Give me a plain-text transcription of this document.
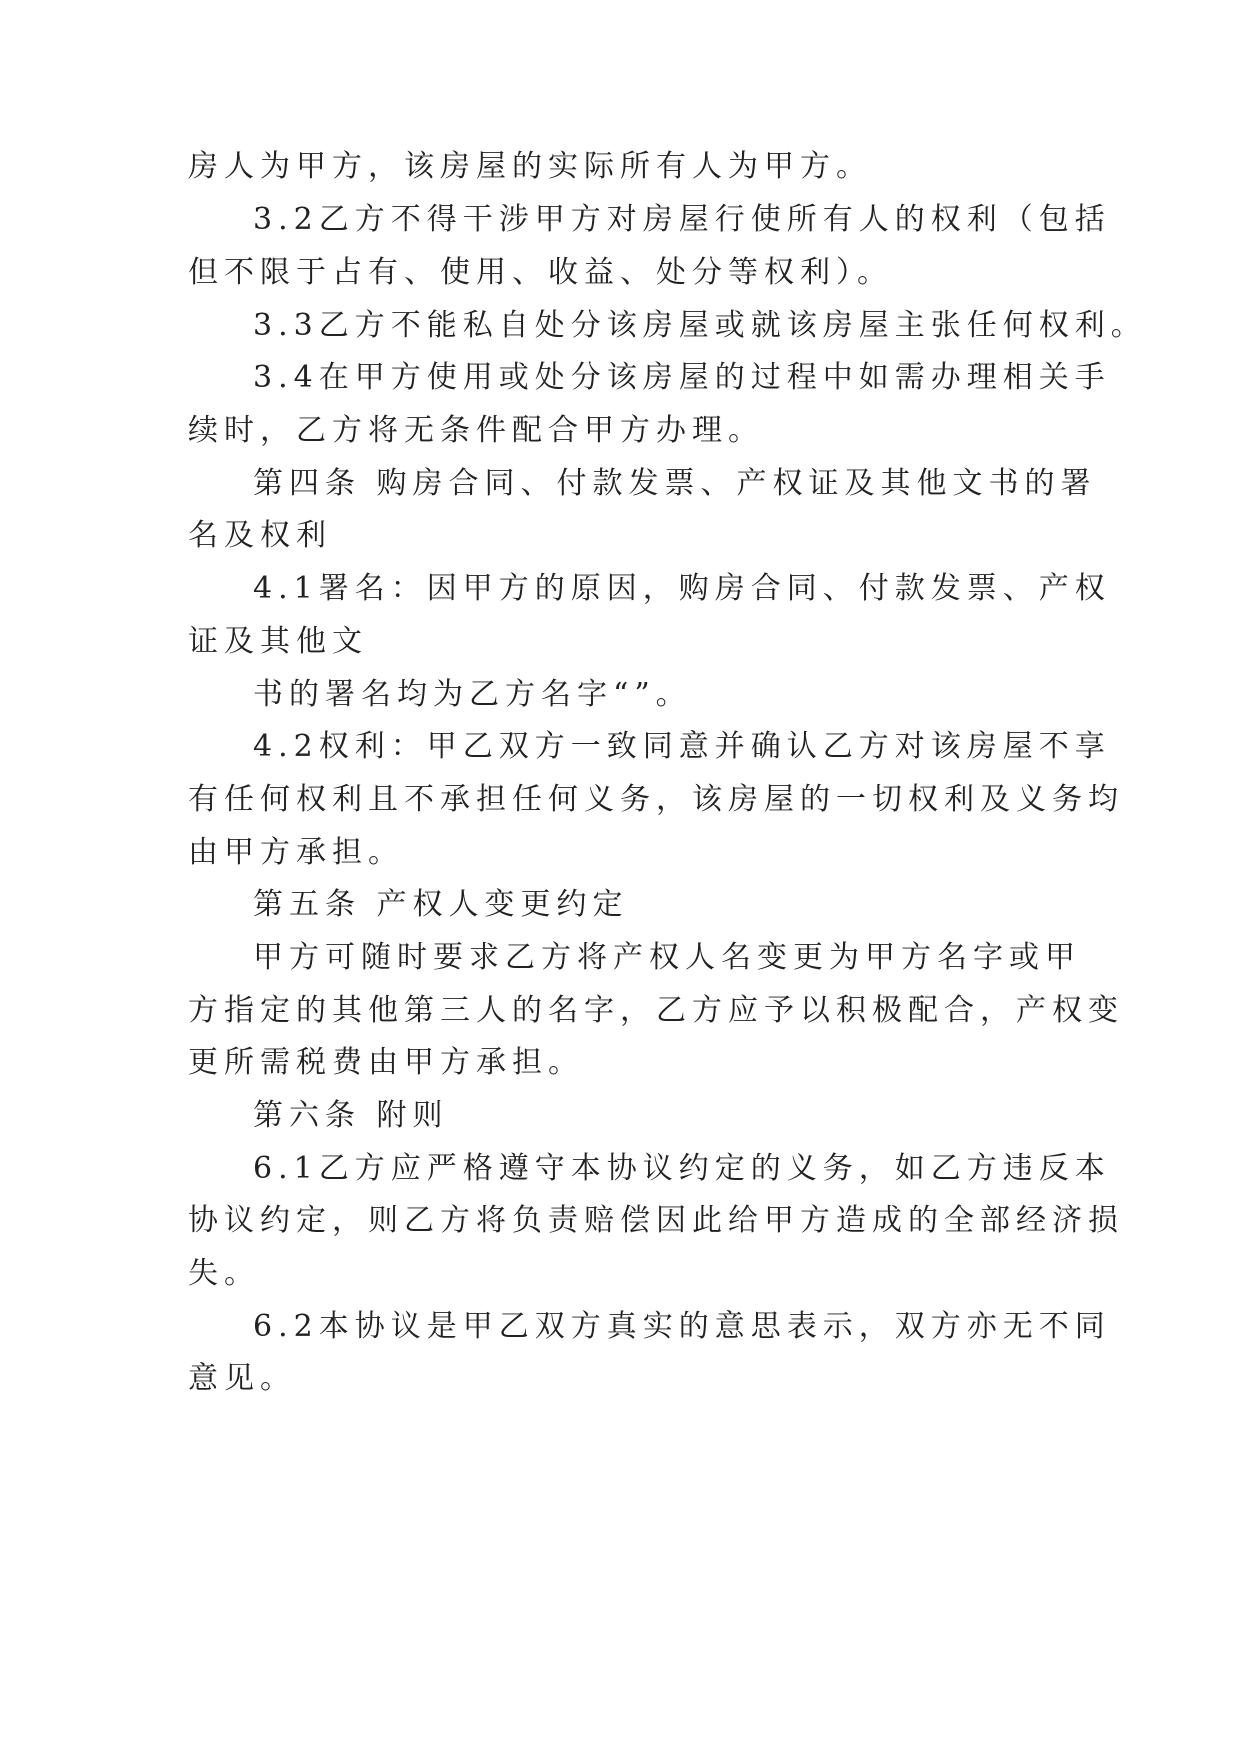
房人为甲方，该房屋的实际所有人为甲方。
3.2乙方不得干涉甲方对房屋行使所有人的权利（包括
但不限于占有、使用、收益、处分等权利）。
3.3乙方不能私自处分该房屋或就该房屋主张任何权利。
3.4在甲方使用或处分该房屋的过程中如需办理相关手
续时，乙方将无条件配合甲方办理。
第四条 购房合同、付款发票、产权证及其他文书的署
名及权利
4.1署名：因甲方的原因，购房合同、付款发票、产权
证及其他文
书的署名均为乙方名字“”。
4.2权利：甲乙双方一致同意并确认乙方对该房屋不享
有任何权利且不承担任何义务，该房屋的一切权利及义务均
由甲方承担。
第五条 产权人变更约定
甲方可随时要求乙方将产权人名变更为甲方名字或甲
方指定的其他第三人的名字，乙方应予以积极配合，产权变
更所需税费由甲方承担。
第六条 附则
6.1乙方应严格遵守本协议约定的义务，如乙方违反本
协议约定，则乙方将负责赔偿因此给甲方造成的全部经济损
失。
6.2本协议是甲乙双方真实的意思表示，双方亦无不同
意见。
